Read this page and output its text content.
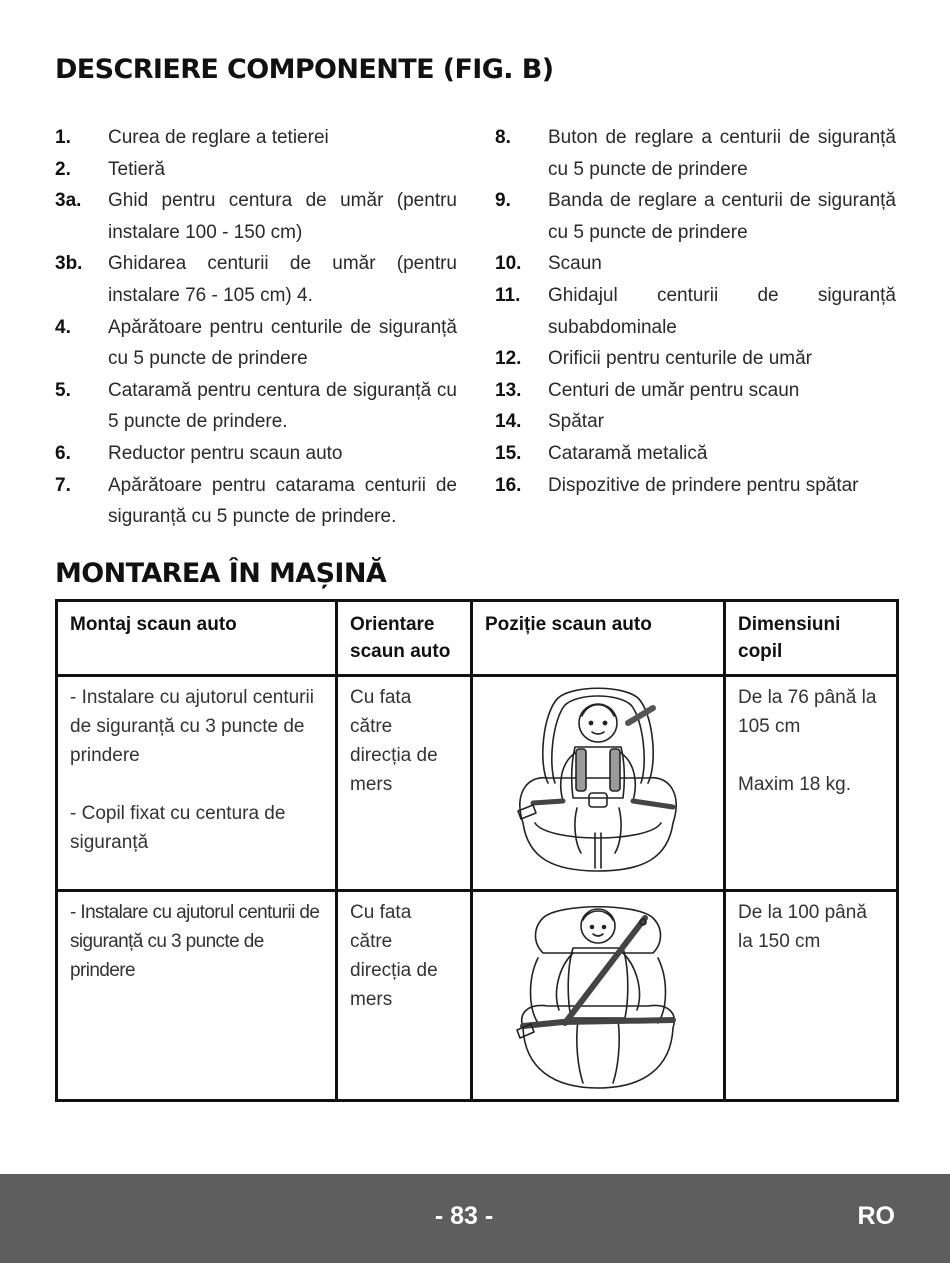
DESCRIERE COMPONENTE (FIG. B)
1.	Curea de reglare a tetierei
2.	Tetieră
3a.	Ghid pentru centura de umăr (pentru instalare 100 - 150 cm)
3b.	Ghidarea centurii de umăr (pentru instalare 76 - 105 cm) 4.
4.	Apărătoare pentru centurile de siguranță cu 5 puncte de prindere
5.	Cataramă pentru centura de siguranță cu 5 puncte de prindere.
6.	Reductor pentru scaun auto
7.	Apărătoare pentru catarama centurii de siguranță cu 5 puncte de prindere.
8.	Buton de reglare a centurii de siguranță cu 5 puncte de prindere
9.	Banda de reglare a centurii de siguranță cu 5 puncte de prindere
10.	Scaun
11.	Ghidajul centurii de siguranță subabdominale
12.	Orificii pentru centurile de umăr
13.	Centuri de umăr pentru scaun
14.	Spătar
15.	Cataramă metalică
16.	Dispozitive de prindere pentru spătar
MONTAREA ÎN MAȘINĂ
Montaj scaun auto	Orientare scaun auto	Poziție scaun auto	Dimensiuni copil

- Instalare cu ajutorul centurii de siguranță cu 3 puncte de prindere
- Copil fixat cu centura de siguranță	Cu fata către direcția de mers		De la 76 până la 105 cm
Maxim 18 kg.

- Instalare cu ajutorul centurii de siguranță cu 3 puncte de prindere	Cu fata către direcția de mers		De la 100 până la 150 cm
- 83 -	RO
